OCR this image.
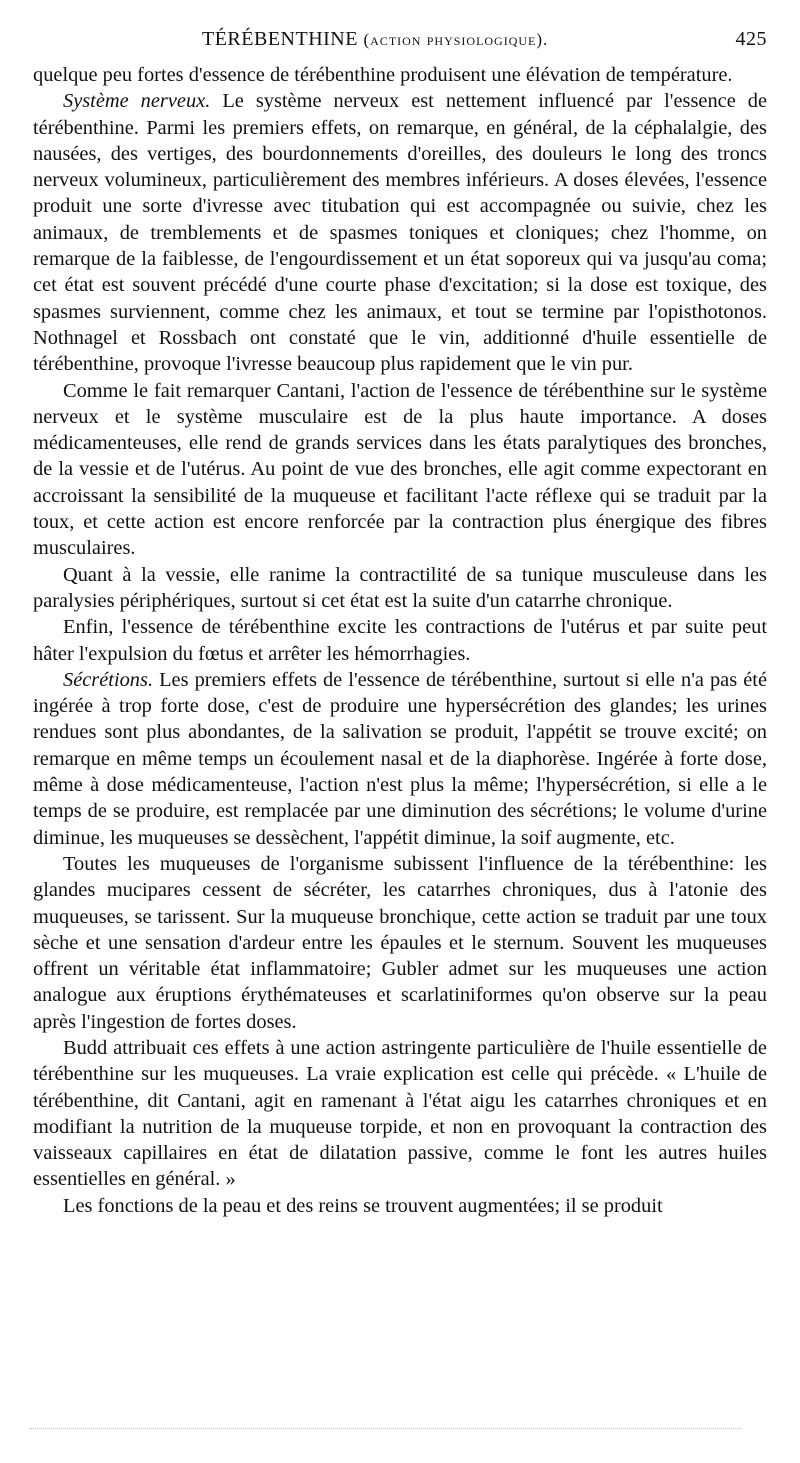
TÉRÉBENTHINE (action physiologique).	425

quelque peu fortes d'essence de térébenthine produisent une élévation de température.

Système nerveux. Le système nerveux est nettement influencé par l'essence de térébenthine. Parmi les premiers effets, on remarque, en général, de la céphalalgie, des nausées, des vertiges, des bourdonnements d'oreilles, des douleurs le long des troncs nerveux volumineux, particulièrement des membres inférieurs. A doses élevées, l'essence produit une sorte d'ivresse avec titubation qui est accompagnée ou suivie, chez les animaux, de tremblements et de spasmes toniques et cloniques; chez l'homme, on remarque de la faiblesse, de l'engourdissement et un état soporeux qui va jusqu'au coma; cet état est souvent précédé d'une courte phase d'excitation; si la dose est toxique, des spasmes surviennent, comme chez les animaux, et tout se termine par l'opisthotonos. Nothnagel et Rossbach ont constaté que le vin, additionné d'huile essentielle de térébenthine, provoque l'ivresse beaucoup plus rapidement que le vin pur.

Comme le fait remarquer Cantani, l'action de l'essence de térébenthine sur le système nerveux et le système musculaire est de la plus haute importance. A doses médicamenteuses, elle rend de grands services dans les états paralytiques des bronches, de la vessie et de l'utérus. Au point de vue des bronches, elle agit comme expectorant en accroissant la sensibilité de la muqueuse et facilitant l'acte réflexe qui se traduit par la toux, et cette action est encore renforcée par la contraction plus énergique des fibres musculaires.

Quant à la vessie, elle ranime la contractilité de sa tunique musculeuse dans les paralysies périphériques, surtout si cet état est la suite d'un catarrhe chronique.

Enfin, l'essence de térébenthine excite les contractions de l'utérus et par suite peut hâter l'expulsion du fœtus et arrêter les hémorrhagies.

Sécrétions. Les premiers effets de l'essence de térébenthine, surtout si elle n'a pas été ingérée à trop forte dose, c'est de produire une hypersécrétion des glandes; les urines rendues sont plus abondantes, de la salivation se produit, l'appétit se trouve excité; on remarque en même temps un écoulement nasal et de la diaphorèse. Ingérée à forte dose, même à dose médicamenteuse, l'action n'est plus la même; l'hypersécrétion, si elle a le temps de se produire, est remplacée par une diminution des sécrétions; le volume d'urine diminue, les muqueuses se dessèchent, l'appétit diminue, la soif augmente, etc.

Toutes les muqueuses de l'organisme subissent l'influence de la térébenthine: les glandes mucipares cessent de sécréter, les catarrhes chroniques, dus à l'atonie des muqueuses, se tarissent. Sur la muqueuse bronchique, cette action se traduit par une toux sèche et une sensation d'ardeur entre les épaules et le sternum. Souvent les muqueuses offrent un véritable état inflammatoire; Gubler admet sur les muqueuses une action analogue aux éruptions érythémateuses et scarlatiniformes qu'on observe sur la peau après l'ingestion de fortes doses.

Budd attribuait ces effets à une action astringente particulière de l'huile essentielle de térébenthine sur les muqueuses. La vraie explication est celle qui précède. « L'huile de térébenthine, dit Cantani, agit en ramenant à l'état aigu les catarrhes chroniques et en modifiant la nutrition de la muqueuse torpide, et non en provoquant la contraction des vaisseaux capillaires en état de dilatation passive, comme le font les autres huiles essentielles en général. »

Les fonctions de la peau et des reins se trouvent augmentées; il se produit
